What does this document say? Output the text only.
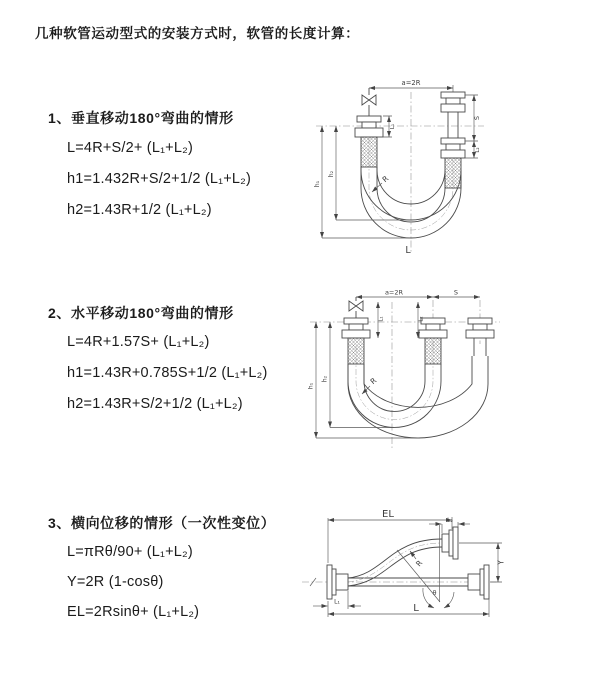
几种软管运动型式的安装方式时，软管的长度计算：
1、垂直移动180°弯曲的情形
L=4R+S/2+ (L₁+L₂)
h1=1.432R+S/2+1/2 (L₁+L₂)
h2=1.43R+1/2 (L₁+L₂)
2、水平移动180°弯曲的情形
L=4R+1.57S+ (L₁+L₂)
h1=1.43R+0.785S+1/2 (L₁+L₂)
h2=1.43R+S/2+1/2 (L₁+L₂)
3、横向位移的情形（一次性变位）
L=πRθ/90+ (L₁+L₂)
Y=2R (1-cosθ)
EL=2Rsinθ+ (L₁+L₂)
a=2R
S
L₂
L₁
h₁
h₂	R
L
a=2R	S
h₁
h₂
L₁	L₂
R
EL
L₂
Y
L
L₁
R
θ
